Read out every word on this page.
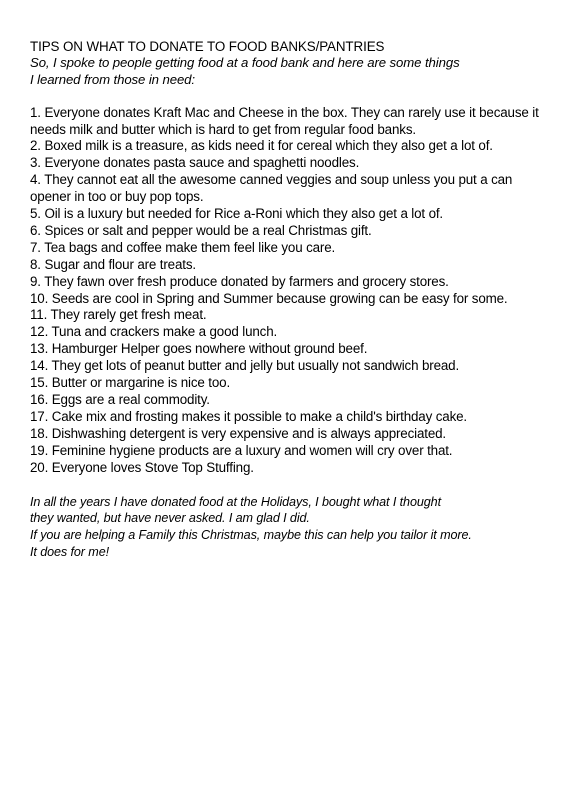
TIPS ON WHAT TO DONATE TO FOOD BANKS/PANTRIES

So, I spoke to people getting food at a food bank and here are some things

I learned from those in need:

1. Everyone donates Kraft Mac and Cheese in the box. They can rarely use it because it needs milk and butter which is hard to get from regular food banks.
2. Boxed milk is a treasure, as kids need it for cereal which they also get a lot of.
3. Everyone donates pasta sauce and spaghetti noodles.
4. They cannot eat all the awesome canned veggies and soup unless you put a can opener in too or buy pop tops.
5. Oil is a luxury but needed for Rice a-Roni which they also get a lot of.
6. Spices or salt and pepper would be a real Christmas gift.
7. Tea bags and coffee make them feel like you care.
8. Sugar and flour are treats.
9. They fawn over fresh produce donated by farmers and grocery stores.
10. Seeds are cool in Spring and Summer because growing can be easy for some.
11. They rarely get fresh meat.
12. Tuna and crackers make a good lunch.
13. Hamburger Helper goes nowhere without ground beef.
14. They get lots of peanut butter and jelly but usually not sandwich bread.
15. Butter or margarine is nice too.
16. Eggs are a real commodity.
17. Cake mix and frosting makes it possible to make a child's birthday cake.
18. Dishwashing detergent is very expensive and is always appreciated.
19. Feminine hygiene products are a luxury and women will cry over that.
20. Everyone loves Stove Top Stuffing.

In all the years I have donated food at the Holidays, I bought what I thought

they wanted, but have never asked. I am glad I did.

If you are helping a Family this Christmas, maybe this can help you tailor it more.

It does for me!
